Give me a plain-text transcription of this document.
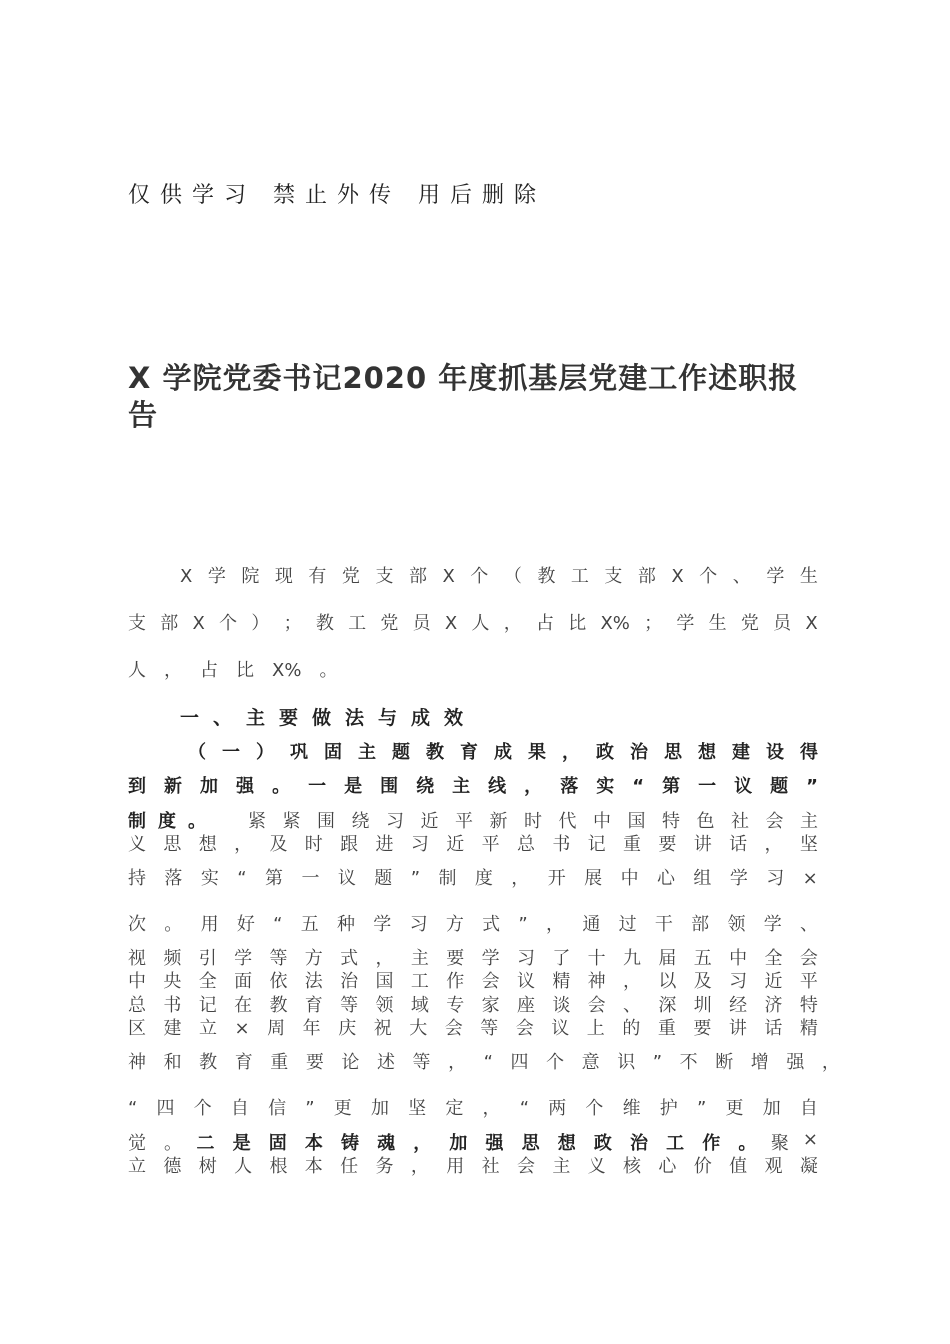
仅供学习 禁止外传 用后删除
X 学院党委书记2020 年度抓基层党建工作述职报告
X 学 院 现 有 党 支 部 X 个 （ 教 工 支 部 X 个 、 学 生
支 部 X 个 ） ； 教 工 党 员 X 人 ， 占 比 X% ； 学 生 党 员 X
人 ， 占 比 X% 。
一、主要做法与成效
（ 一 ） 巩 固 主 题 教 育 成 果 ， 政 治 思 想 建 设 得
到 新 加 强 。 一 是 围 绕 主 线 ， 落 实 “ 第 一 议 题 ”
制 度 。 紧 紧 围 绕 习 近 平 新 时 代 中 国 特 色 社 会 主
义 思 想 ， 及 时 跟 进 习 近 平 总 书 记 重 要 讲 话 ， 坚
持 落 实 “ 第 一 议 题 ” 制 度 ， 开 展 中 心 组 学 习 ×
次 。 用 好 “ 五 种 学 习 方 式 ” ， 通 过 干 部 领 学 、
视 频 引 学 等 方 式 ， 主 要 学 习 了 十 九 届 五 中 全 会
中 央 全 面 依 法 治 国 工 作 会 议 精 神 ， 以 及 习 近 平
总 书 记 在 教 育 等 领 域 专 家 座 谈 会 、 深 圳 经 济 特
区 建 立 × 周 年 庆 祝 大 会 等 会 议 上 的 重 要 讲 话 精
神 和 教 育 重 要 论 述 等 ， “ 四 个 意 识 ” 不 断 增 强 ，
“ 四 个 自 信 ” 更 加 坚 定 ， “ 两 个 维 护 ” 更 加 自
觉 。 二 是 固 本 铸 魂 ， 加 强 思 想 政 治 工 作 。 聚 ×
立 德 树 人 根 本 任 务 ， 用 社 会 主 义 核 心 价 值 观 凝
